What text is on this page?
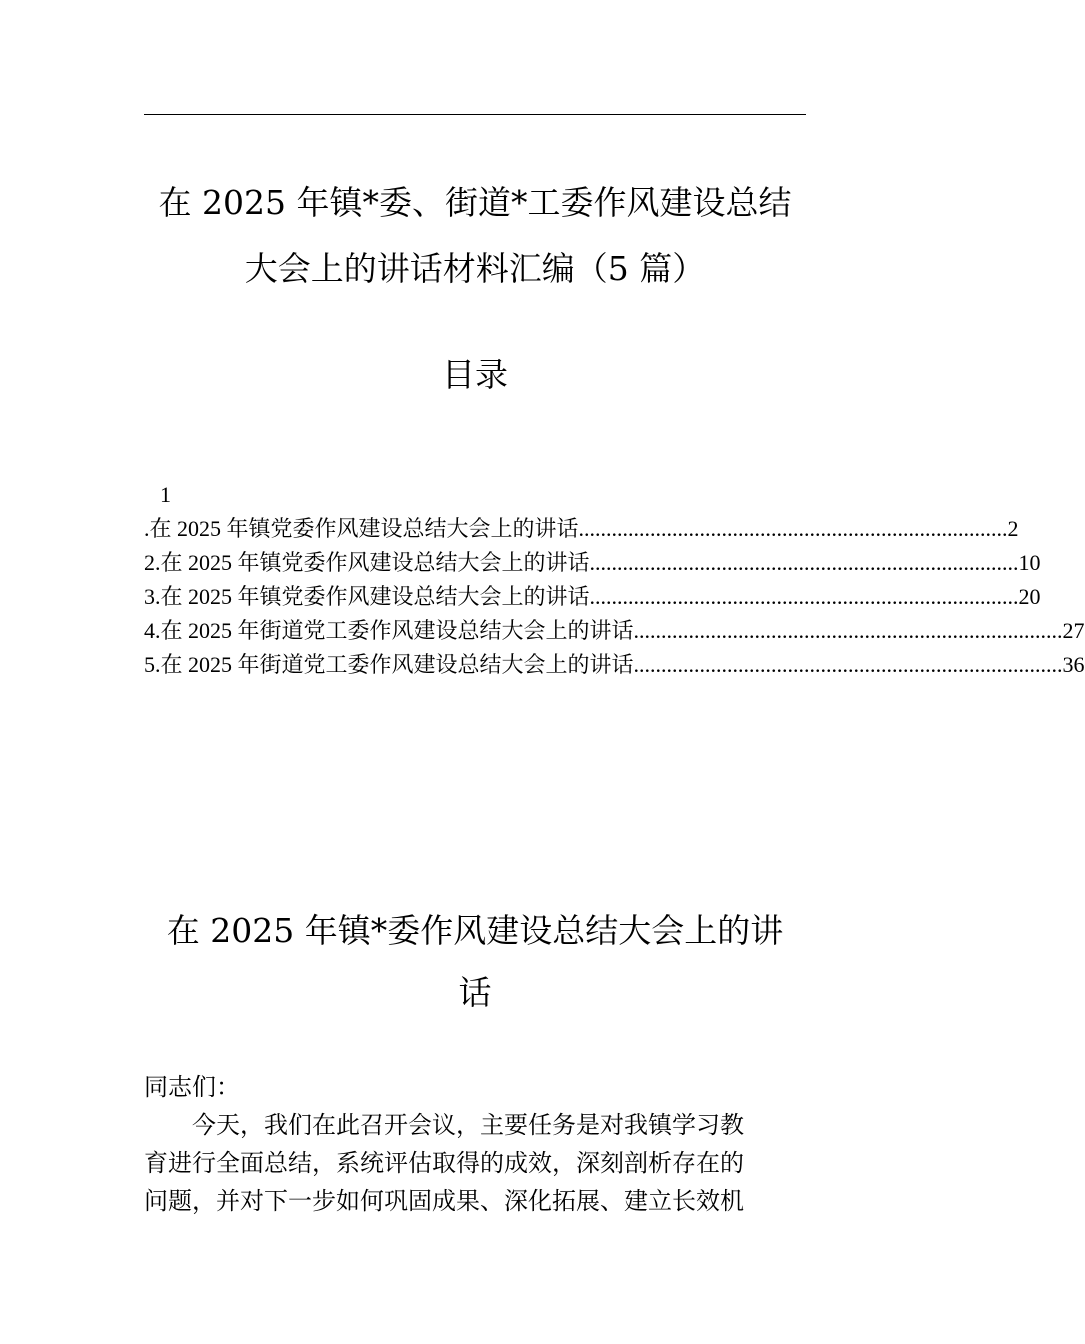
在 2025 年镇*委、街道*工委作风建设总结
大会上的讲话材料汇编（5 篇）
目录
1
.在 2025 年镇党委作风建设总结大会上的讲话 .............................................................................. 2
2.在 2025 年镇党委作风建设总结大会上的讲话 .............................................................................. 10
3.在 2025 年镇党委作风建设总结大会上的讲话 .............................................................................. 20
4.在 2025 年街道党工委作风建设总结大会上的讲话 .............................................................................. 27
5.在 2025 年街道党工委作风建设总结大会上的讲话 .............................................................................. 36
在 2025 年镇*委作风建设总结大会上的讲
话
同志们：
今天，我们在此召开会议，主要任务是对我镇学习教
育进行全面总结，系统评估取得的成效，深刻剖析存在的
问题，并对下一步如何巩固成果、深化拓展、建立长效机
